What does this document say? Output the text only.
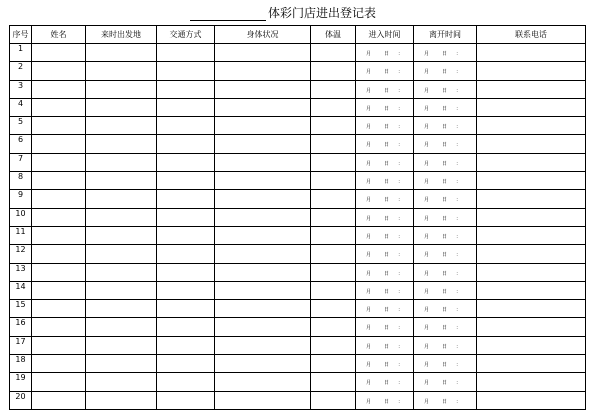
体彩门店进出登记表
序号	姓名	来时出发地	交通方式	身体状况	体温	进入时间	离开时间	联系电话
1						月 日 ：	月 日 ：	

2						月 日 ：	月 日 ：	

3						月 日 ：	月 日 ：	

4						月 日 ：	月 日 ：	

5						月 日 ：	月 日 ：	

6						月 日 ：	月 日 ：	

7						月 日 ：	月 日 ：	

8						月 日 ：	月 日 ：	

9						月 日 ：	月 日 ：	

10						月 日 ：	月 日 ：	

11						月 日 ：	月 日 ：	

12						月 日 ：	月 日 ：	

13						月 日 ：	月 日 ：	

14						月 日 ：	月 日 ：	

15						月 日 ：	月 日 ：	

16						月 日 ：	月 日 ：	

17						月 日 ：	月 日 ：	

18						月 日 ：	月 日 ：	

19						月 日 ：	月 日 ：	

20						月 日 ：	月 日 ：	
